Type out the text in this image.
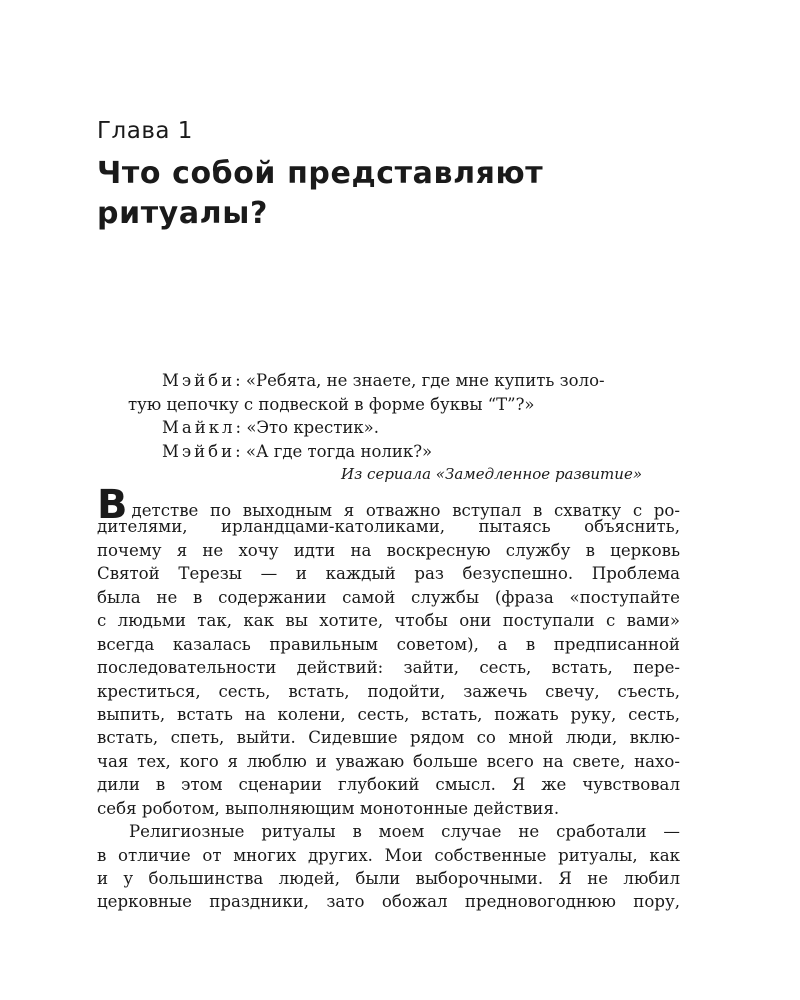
Глава 1
Что собой представляют
ритуалы?
Мэйби: «Ребята, не знаете, где мне купить золо-
тую цепочку с подвеской в форме буквы “Т”?»
Майкл: «Это крестик».
Мэйби: «А где тогда нолик?»
Из сериала «Замедленное развитие»
В детстве по выходным я отважно вступал в схватку с ро-
дителями, ирландцами-католиками, пытаясь объяснить,
почему я не хочу идти на воскресную службу в церковь
Святой Терезы — и каждый раз безуспешно. Проблема
была не в содержании самой службы (фраза «поступайте
с людьми так, как вы хотите, чтобы они поступали с вами»
всегда казалась правильным советом), а в предписанной
последовательности действий: зайти, сесть, встать, пере-
креститься, сесть, встать, подойти, зажечь свечу, съесть,
выпить, встать на колени, сесть, встать, пожать руку, сесть,
встать, спеть, выйти. Сидевшие рядом со мной люди, вклю-
чая тех, кого я люблю и уважаю больше всего на свете, нахо-
дили в этом сценарии глубокий смысл. Я же чувствовал
себя роботом, выполняющим монотонные действия.
Религиозные ритуалы в моем случае не сработали —
в отличие от многих других. Мои собственные ритуалы, как
и у большинства людей, были выборочными. Я не любил
церковные праздники, зато обожал предновогоднюю пору,
